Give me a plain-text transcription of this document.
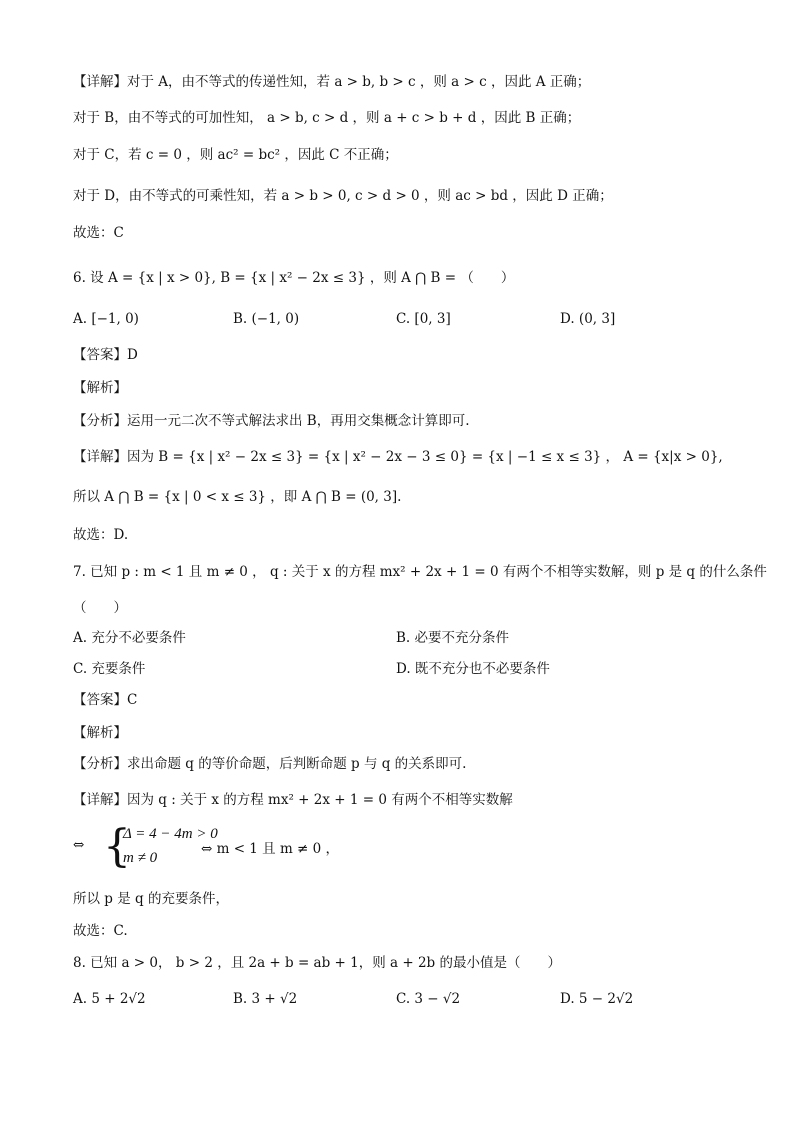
【详解】对于 A，由不等式的传递性知，若 a > b, b > c ，则 a > c ，因此 A 正确；
对于 B，由不等式的可加性知， a > b, c > d ，则 a + c > b + d ，因此 B 正确；
对于 C，若 c = 0 ，则 ac² = bc² ，因此 C 不正确；
对于 D，由不等式的可乘性知，若 a > b > 0, c > d > 0 ，则 ac > bd ，因此 D 正确；
故选：C
6. 设 A = {x | x > 0}, B = {x | x² − 2x ≤ 3} ，则 A ⋂ B = （　　）
A. [−1, 0)	B. (−1, 0)	C. [0, 3]	D. (0, 3]
【答案】D
【解析】
【分析】运用一元二次不等式解法求出 B，再用交集概念计算即可.
【详解】因为 B = {x | x² − 2x ≤ 3} = {x | x² − 2x − 3 ≤ 0} = {x | −1 ≤ x ≤ 3} ， A = {x|x > 0},
所以 A ⋂ B = {x | 0 < x ≤ 3} ，即 A ⋂ B = (0, 3].
故选：D.
7. 已知 p : m < 1 且 m ≠ 0 ， q : 关于 x 的方程 mx² + 2x + 1 = 0 有两个不相等实数解，则 p 是 q 的什么条件
（　　）
A. 充分不必要条件	B. 必要不充分条件
C. 充要条件	D. 既不充分也不必要条件
【答案】C
【解析】
【分析】求出命题 q 的等价命题，后判断命题 p 与 q 的关系即可.
【详解】因为 q : 关于 x 的方程 mx² + 2x + 1 = 0 有两个不相等实数解
⇔ {
Δ = 4 − 4m > 0
m ≠ 0
⇔ m < 1 且 m ≠ 0 ，
所以 p 是 q 的充要条件，
故选：C.
8. 已知 a > 0， b > 2 ，且 2a + b = ab + 1，则 a + 2b 的最小值是（　　）
A. 5 + 2√2	B. 3 + √2	C. 3 − √2	D. 5 − 2√2
